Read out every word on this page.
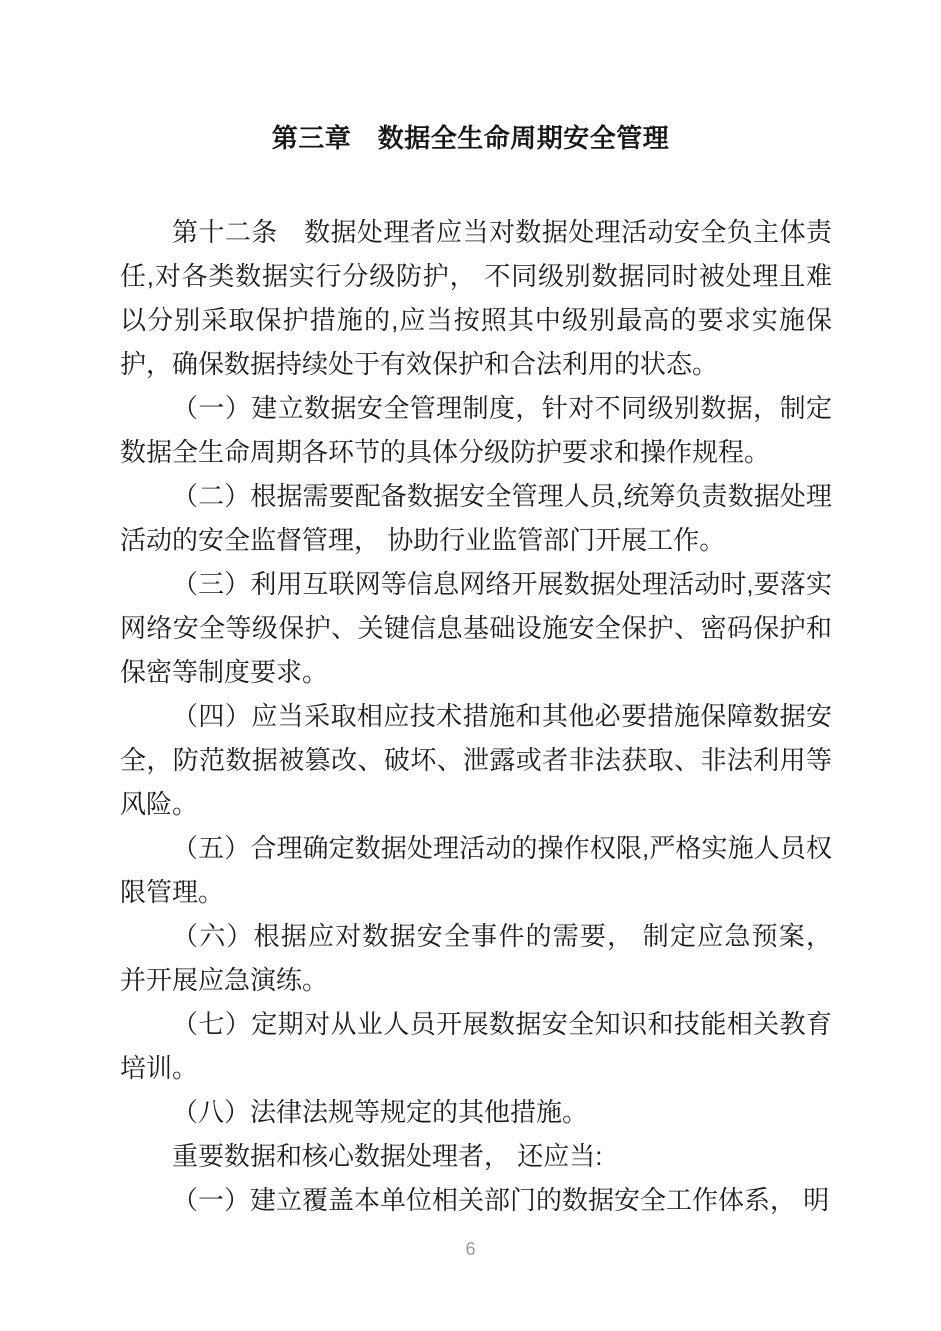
第三章　数据全生命周期安全管理

第十二条　数据处理者应当对数据处理活动安全负主体责任,对各类数据实行分级防护， 不同级别数据同时被处理且难以分别采取保护措施的,应当按照其中级别最高的要求实施保护，确保数据持续处于有效保护和合法利用的状态。

（一）建立数据安全管理制度，针对不同级别数据，制定数据全生命周期各环节的具体分级防护要求和操作规程。

（二）根据需要配备数据安全管理人员,统筹负责数据处理活动的安全监督管理， 协助行业监管部门开展工作。

（三）利用互联网等信息网络开展数据处理活动时,要落实网络安全等级保护、关键信息基础设施安全保护、密码保护和保密等制度要求。

（四）应当采取相应技术措施和其他必要措施保障数据安全，防范数据被篡改、破坏、泄露或者非法获取、非法利用等风险。

（五）合理确定数据处理活动的操作权限,严格实施人员权限管理。

（六）根据应对数据安全事件的需要， 制定应急预案， 并开展应急演练。

（七）定期对从业人员开展数据安全知识和技能相关教育培训。

（八）法律法规等规定的其他措施。

重要数据和核心数据处理者， 还应当:

（一）建立覆盖本单位相关部门的数据安全工作体系， 明

6
